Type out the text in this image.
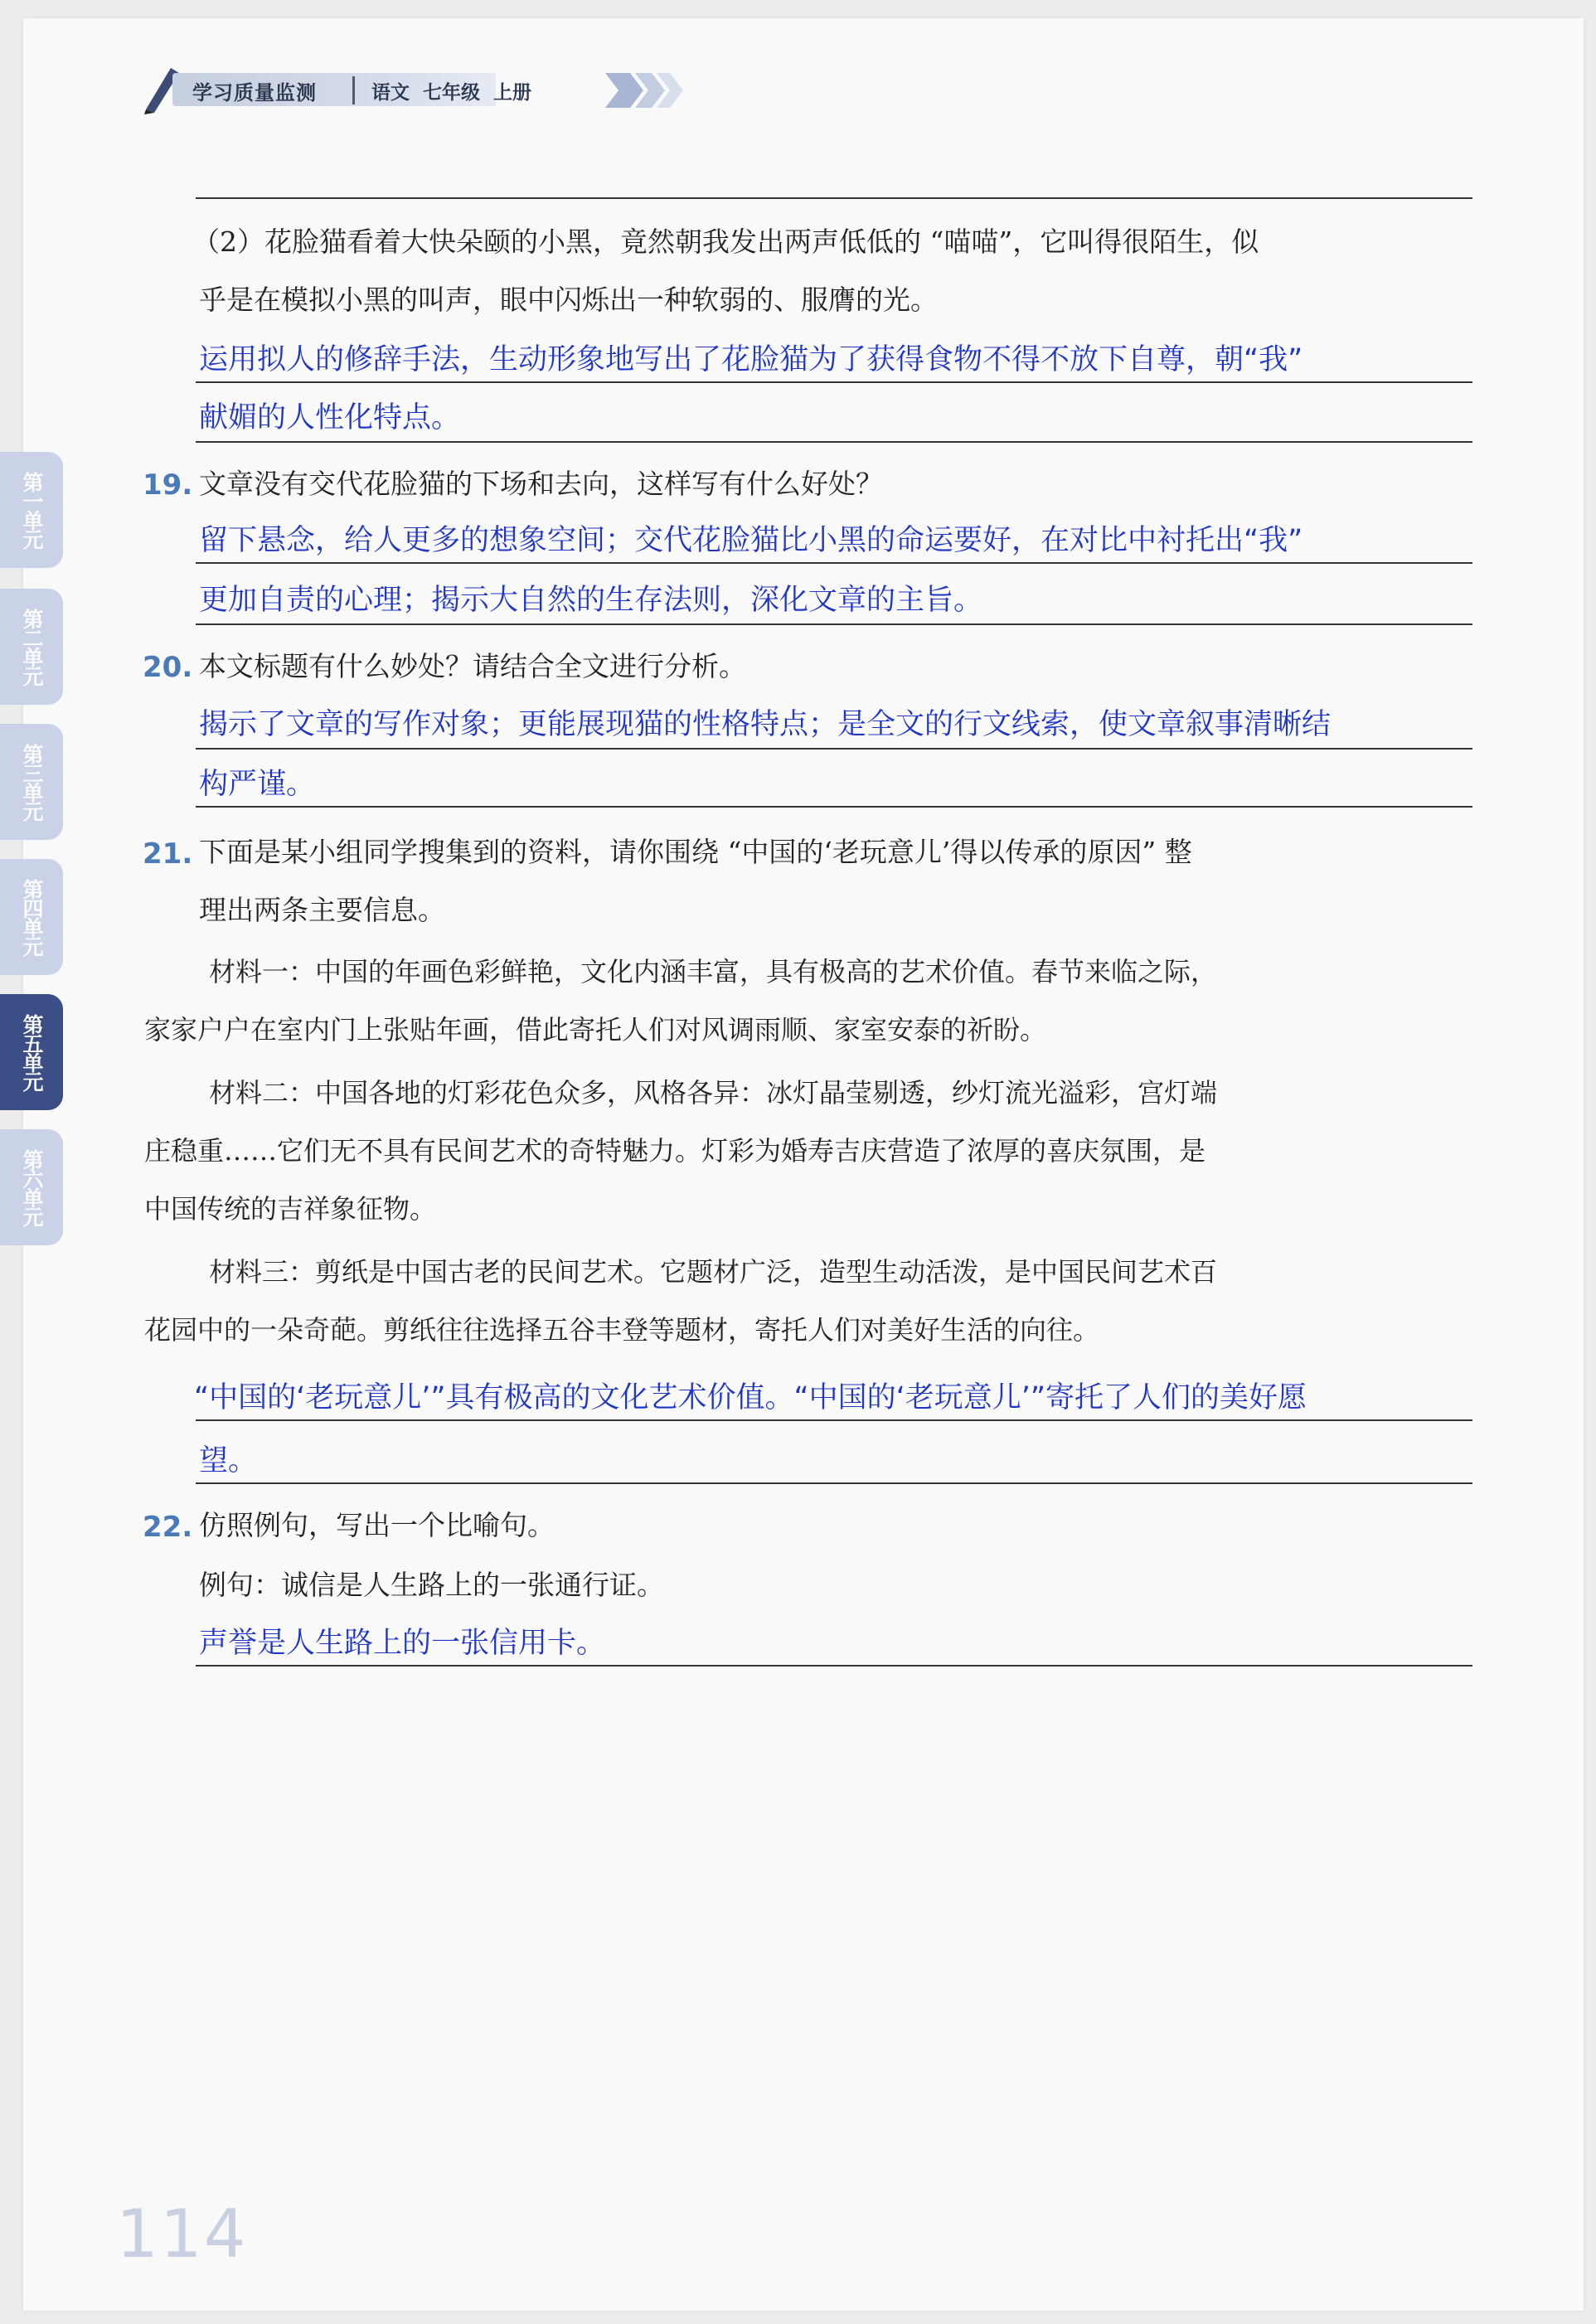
学习质量监测	语文  七年级  上册
（2）花脸猫看着大快朵颐的小黑，竟然朝我发出两声低低的 “喵喵”，它叫得很陌生，似
乎是在模拟小黑的叫声，眼中闪烁出一种软弱的、服膺的光。
运用拟人的修辞手法，生动形象地写出了花脸猫为了获得食物不得不放下自尊，朝“我”
献媚的人性化特点。
19. 文章没有交代花脸猫的下场和去向，这样写有什么好处？
留下悬念，给人更多的想象空间；交代花脸猫比小黑的命运要好，在对比中衬托出“我”
更加自责的心理；揭示大自然的生存法则，深化文章的主旨。
20. 本文标题有什么妙处？请结合全文进行分析。
揭示了文章的写作对象；更能展现猫的性格特点；是全文的行文线索，使文章叙事清晰结
构严谨。
21. 下面是某小组同学搜集到的资料，请你围绕 “中国的‘老玩意儿’得以传承的原因” 整
理出两条主要信息。
材料一：中国的年画色彩鲜艳，文化内涵丰富，具有极高的艺术价值。春节来临之际，
家家户户在室内门上张贴年画，借此寄托人们对风调雨顺、家室安泰的祈盼。
材料二：中国各地的灯彩花色众多，风格各异：冰灯晶莹剔透，纱灯流光溢彩，宫灯端
庄稳重……它们无不具有民间艺术的奇特魅力。灯彩为婚寿吉庆营造了浓厚的喜庆氛围，是
中国传统的吉祥象征物。
材料三：剪纸是中国古老的民间艺术。它题材广泛，造型生动活泼，是中国民间艺术百
花园中的一朵奇葩。剪纸往往选择五谷丰登等题材，寄托人们对美好生活的向往。
“中国的‘老玩意儿’”具有极高的文化艺术价值。“中国的‘老玩意儿’”寄托了人们的美好愿
望。
22. 仿照例句，写出一个比喻句。
例句：诚信是人生路上的一张通行证。
声誉是人生路上的一张信用卡。
第一单元
第二单元
第三单元
第四单元
第五单元
第六单元
114
